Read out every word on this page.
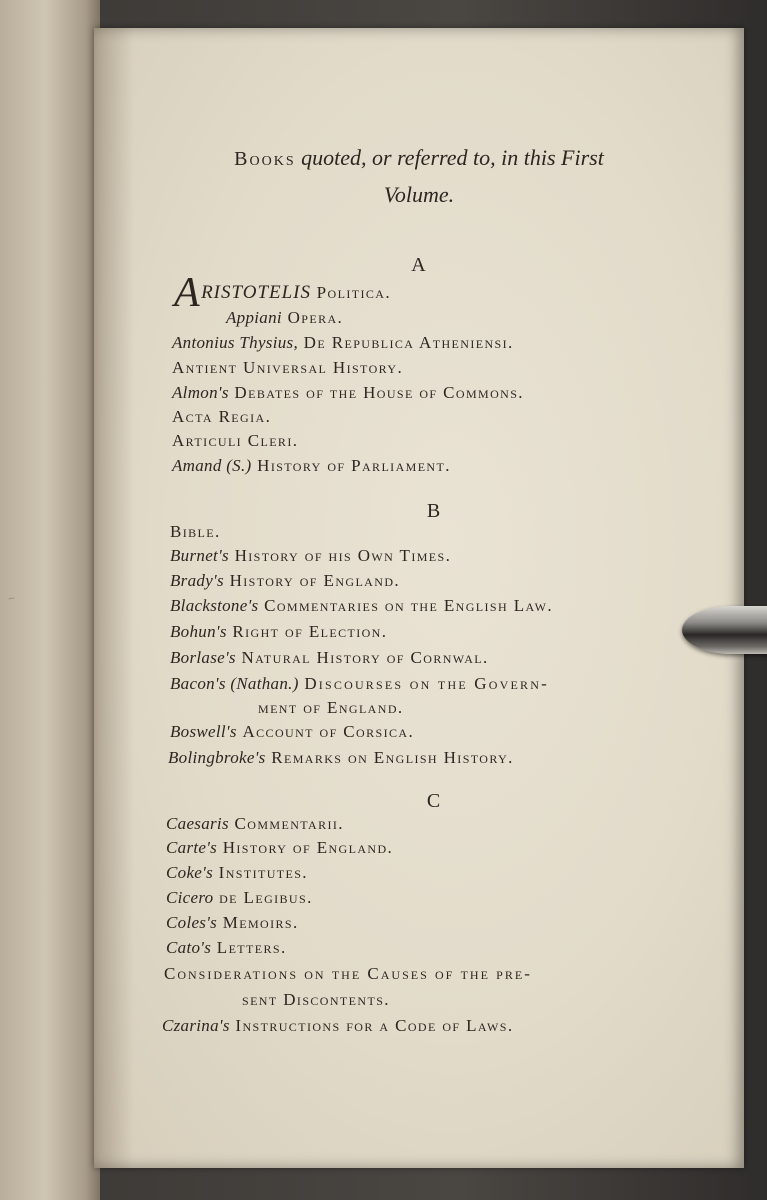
–
Books quoted, or referred to, in this First
Volume.
A
ARISTOTELIS Politica.
Appiani Opera.
Antonius Thysius, De Republica Atheniensi.
Antient Universal History.
Almon's Debates of the House of Commons.
Acta Regia.
Articuli Cleri.
Amand (S.) History of Parliament.
B
Bible.
Burnet's History of his Own Times.
Brady's History of England.
Blackstone's Commentaries on the English Law.
Bohun's Right of Election.
Borlase's Natural History of Cornwal.
Bacon's (Nathan.) Discourses on the Govern-
ment of England.
Boswell's Account of Corsica.
Bolingbroke's Remarks on English History.
C
Caesaris Commentarii.
Carte's History of England.
Coke's Institutes.
Cicero de Legibus.
Coles's Memoirs.
Cato's Letters.
Considerations on the Causes of the pre-
sent Discontents.
Czarina's Instructions for a Code of Laws.
